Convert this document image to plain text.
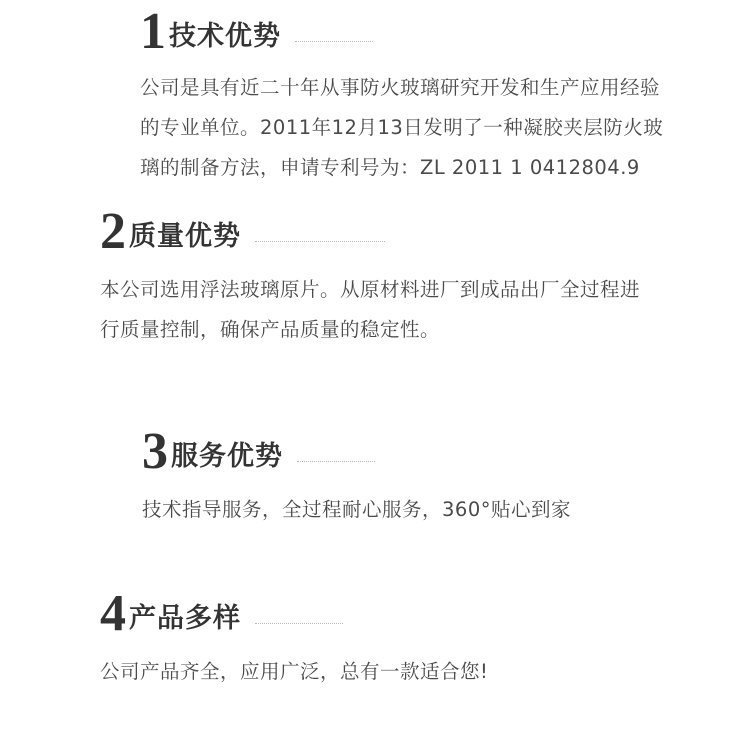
1 技术优势
公司是具有近二十年从事防火玻璃研究开发和生产应用经验的专业单位。2011年12月13日发明了一种凝胶夹层防火玻璃的制备方法，申请专利号为：ZL 2011 1 0412804.9
2 质量优势
本公司选用浮法玻璃原片。从原材料进厂到成品出厂全过程进行质量控制，确保产品质量的稳定性。
3 服务优势
技术指导服务，全过程耐心服务，360°贴心到家
4 产品多样
公司产品齐全，应用广泛，总有一款适合您!
